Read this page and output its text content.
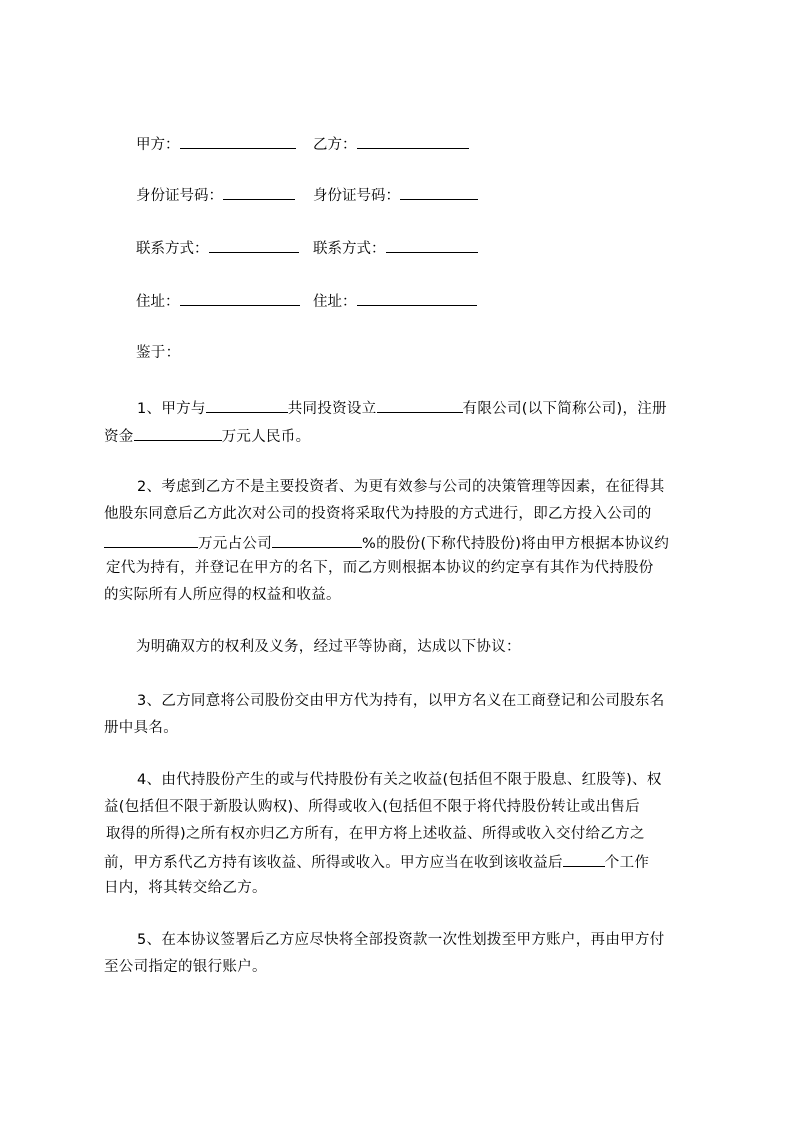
甲方：	乙方：
身份证号码：	身份证号码：
联系方式：	联系方式：
住址：	住址：
鉴于：
1、甲方与	共同投资设立	有限公司(以下简称公司)，注册
资金	万元人民币。
2、考虑到乙方不是主要投资者、为更有效参与公司的决策管理等因素，在征得其
他股东同意后乙方此次对公司的投资将采取代为持股的方式进行，即乙方投入公司的
万元占公司	%的股份(下称代持股份)将由甲方根据本协议约
定代为持有，并登记在甲方的名下，而乙方则根据本协议的约定享有其作为代持股份
的实际所有人所应得的权益和收益。
为明确双方的权利及义务，经过平等协商，达成以下协议：
3、乙方同意将公司股份交由甲方代为持有，以甲方名义在工商登记和公司股东名
册中具名。
4、由代持股份产生的或与代持股份有关之收益(包括但不限于股息、红股等)、权
益(包括但不限于新股认购权)、所得或收入(包括但不限于将代持股份转让或出售后
取得的所得)之所有权亦归乙方所有，在甲方将上述收益、所得或收入交付给乙方之
前，甲方系代乙方持有该收益、所得或收入。甲方应当在收到该收益后	个工作
日内，将其转交给乙方。
5、在本协议签署后乙方应尽快将全部投资款一次性划拨至甲方账户，再由甲方付
至公司指定的银行账户。
